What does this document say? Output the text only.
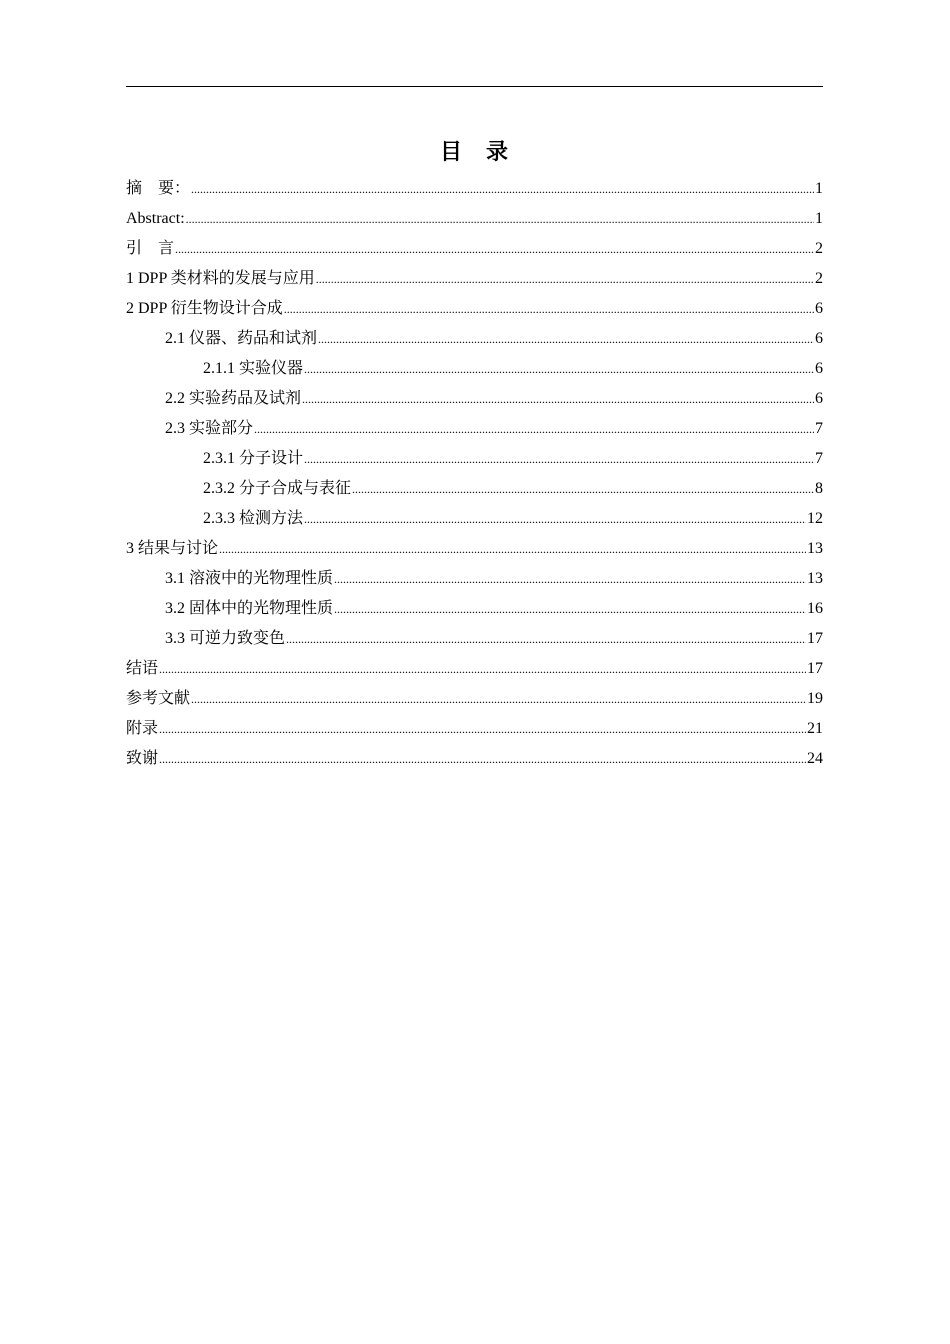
目　录
摘　要： .....	1
Abstract: .....	1
引　言 .....	2
1 DPP 类材料的发展与应用 .....	2
2 DPP 衍生物设计合成 .....	6
2.1 仪器、药品和试剂 .....	6
2.1.1 实验仪器 .....	6
2.2 实验药品及试剂 .....	6
2.3 实验部分 .....	7
2.3.1 分子设计 .....	7
2.3.2 分子合成与表征 .....	8
2.3.3 检测方法 .....	12
3 结果与讨论 .....	13
3.1 溶液中的光物理性质 .....	13
3.2 固体中的光物理性质 .....	16
3.3 可逆力致变色 .....	17
结语 .....	17
参考文献 .....	19
附录 .....	21
致谢 .....	24
